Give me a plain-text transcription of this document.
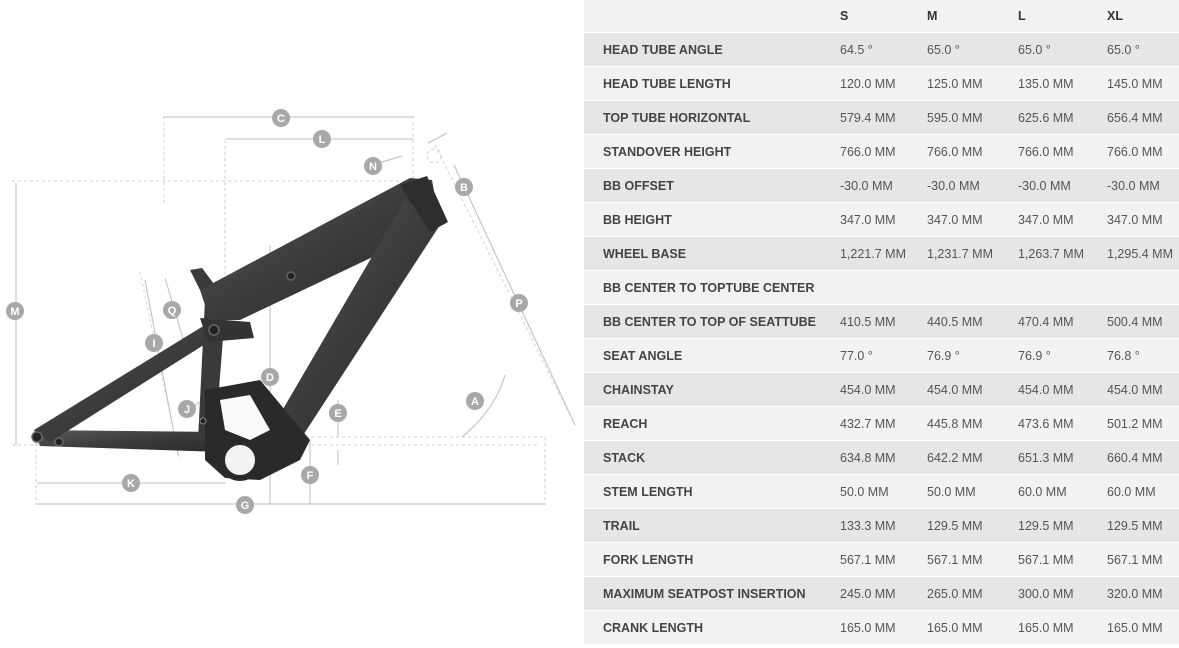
A
B
C
D
E
F
G
I
J
K
L
M
N
P
Q
	S	M	L	XL
HEAD TUBE ANGLE	64.5 °	65.0 °	65.0 °	65.0 °
HEAD TUBE LENGTH	120.0 MM	125.0 MM	135.0 MM	145.0 MM
TOP TUBE HORIZONTAL	579.4 MM	595.0 MM	625.6 MM	656.4 MM
STANDOVER HEIGHT	766.0 MM	766.0 MM	766.0 MM	766.0 MM
BB OFFSET	-30.0 MM	-30.0 MM	-30.0 MM	-30.0 MM
BB HEIGHT	347.0 MM	347.0 MM	347.0 MM	347.0 MM
WHEEL BASE	1,221.7 MM	1,231.7 MM	1,263.7 MM	1,295.4 MM
BB CENTER TO TOPTUBE CENTER				
BB CENTER TO TOP OF SEATTUBE	410.5 MM	440.5 MM	470.4 MM	500.4 MM
SEAT ANGLE	77.0 °	76.9 °	76.9 °	76.8 °
CHAINSTAY	454.0 MM	454.0 MM	454.0 MM	454.0 MM
REACH	432.7 MM	445.8 MM	473.6 MM	501.2 MM
STACK	634.8 MM	642.2 MM	651.3 MM	660.4 MM
STEM LENGTH	50.0 MM	50.0 MM	60.0 MM	60.0 MM
TRAIL	133.3 MM	129.5 MM	129.5 MM	129.5 MM
FORK LENGTH	567.1 MM	567.1 MM	567.1 MM	567.1 MM
MAXIMUM SEATPOST INSERTION	245.0 MM	265.0 MM	300.0 MM	320.0 MM
CRANK LENGTH	165.0 MM	165.0 MM	165.0 MM	165.0 MM
